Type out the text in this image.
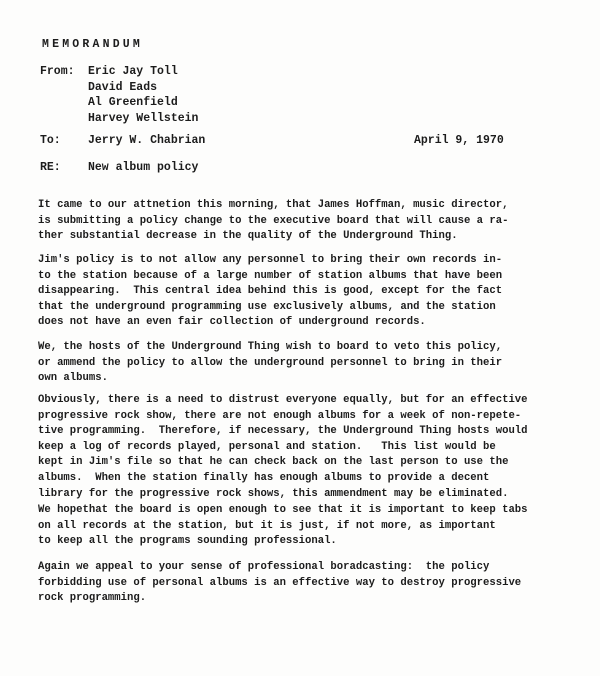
MEMORANDUM
From:	Eric Jay Toll
David Eads
Al Greenfield
Harvey Wellstein
To:	Jerry W. Chabrian	April 9, 1970
RE:	New album policy
It came to our attnetion this morning, that James Hoffman, music director,
is submitting a policy change to the executive board that will cause a ra-
ther substantial decrease in the quality of the Underground Thing.
Jim's policy is to not allow any personnel to bring their own records in-
to the station because of a large number of station albums that have been
disappearing.  This central idea behind this is good, except for the fact
that the underground programming use exclusively albums, and the station
does not have an even fair collection of underground records.
We, the hosts of the Underground Thing wish to board to veto this policy,
or ammend the policy to allow the underground personnel to bring in their
own albums.
Obviously, there is a need to distrust everyone equally, but for an effective
progressive rock show, there are not enough albums for a week of non-repete-
tive programming.  Therefore, if necessary, the Underground Thing hosts would
keep a log of records played, personal and station.   This list would be
kept in Jim's file so that he can check back on the last person to use the
albums.  When the station finally has enough albums to provide a decent
library for the progressive rock shows, this ammendment may be eliminated.
We hopethat the board is open enough to see that it is important to keep tabs
on all records at the station, but it is just, if not more, as important
to keep all the programs sounding professional.
Again we appeal to your sense of professional boradcasting:  the policy
forbidding use of personal albums is an effective way to destroy progressive
rock programming.
